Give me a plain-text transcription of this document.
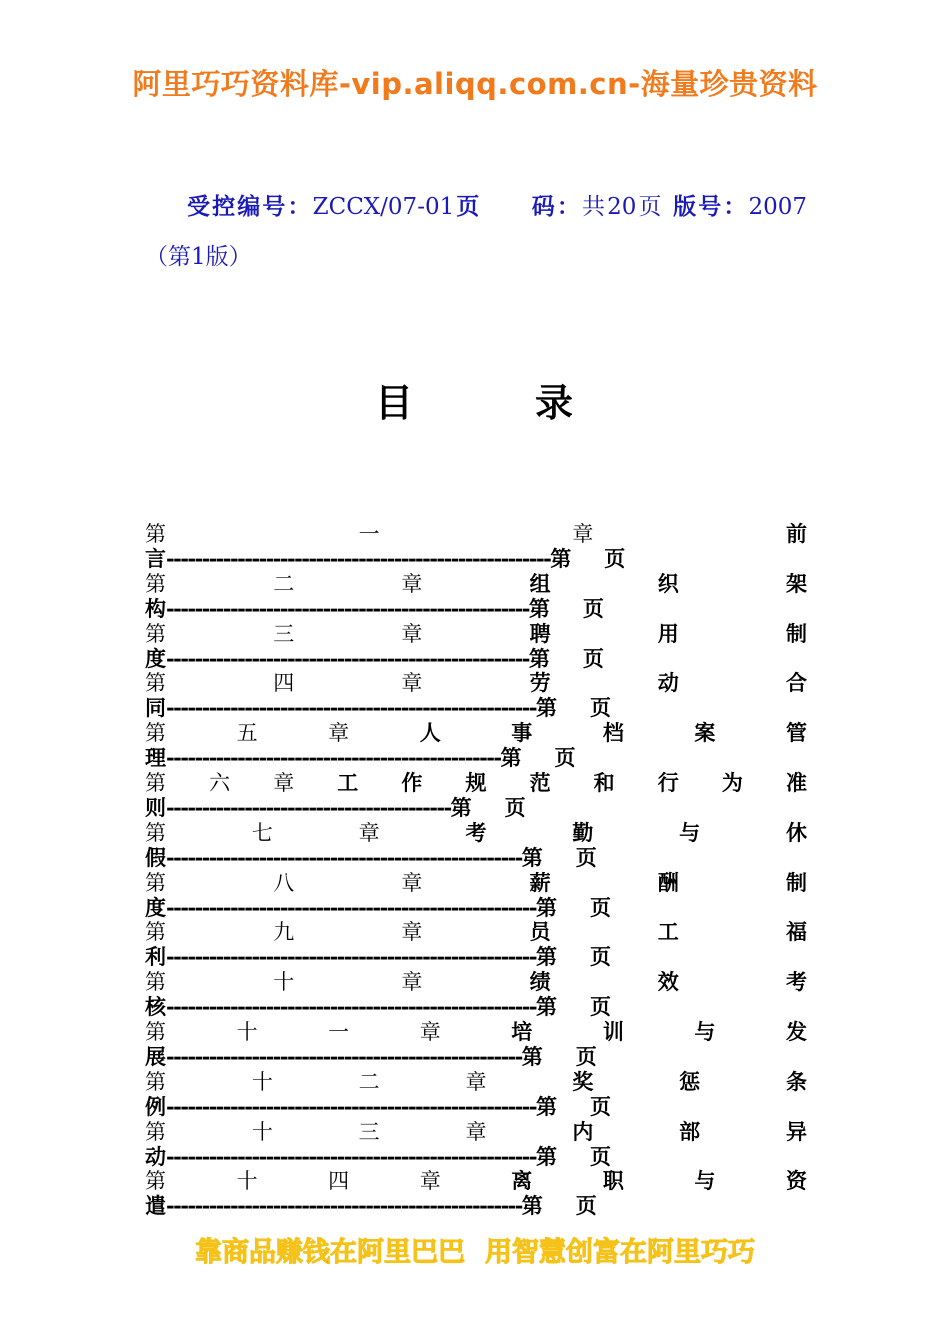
阿里巧巧资料库-vip.aliqq.com.cn-海量珍贵资料
受控编号：ZCCX/07-01页　　码：共20页 版号：2007（第1版）
目	录
第	一	章	前
言------------------------------------------------------第　页
第	二	章	组	织	架
构---------------------------------------------------第　页
第	三	章	聘	用	制
度---------------------------------------------------第　页
第	四	章	劳	动	合
同----------------------------------------------------第　页
第	五	章	人	事	档	案	管
理-----------------------------------------------第　页
第 六 章 工 作 规 范 和 行 为 准
则----------------------------------------第　页
第	七	章	考	勤	与	休
假--------------------------------------------------第　页
第	八	章	薪	酬	制
度----------------------------------------------------第　页
第	九	章	员	工	福
利----------------------------------------------------第　页
第	十	章	绩	效	考
核----------------------------------------------------第　页
第	十	一	章	培	训	与	发
展--------------------------------------------------第　页
第	十	二	章	奖	惩	条
例----------------------------------------------------第　页
第	十	三	章	内	部	异
动----------------------------------------------------第　页
第	十	四	章	离	职	与	资
遣--------------------------------------------------第　页
靠商品赚钱在阿里巴巴 用智慧创富在阿里巧巧
